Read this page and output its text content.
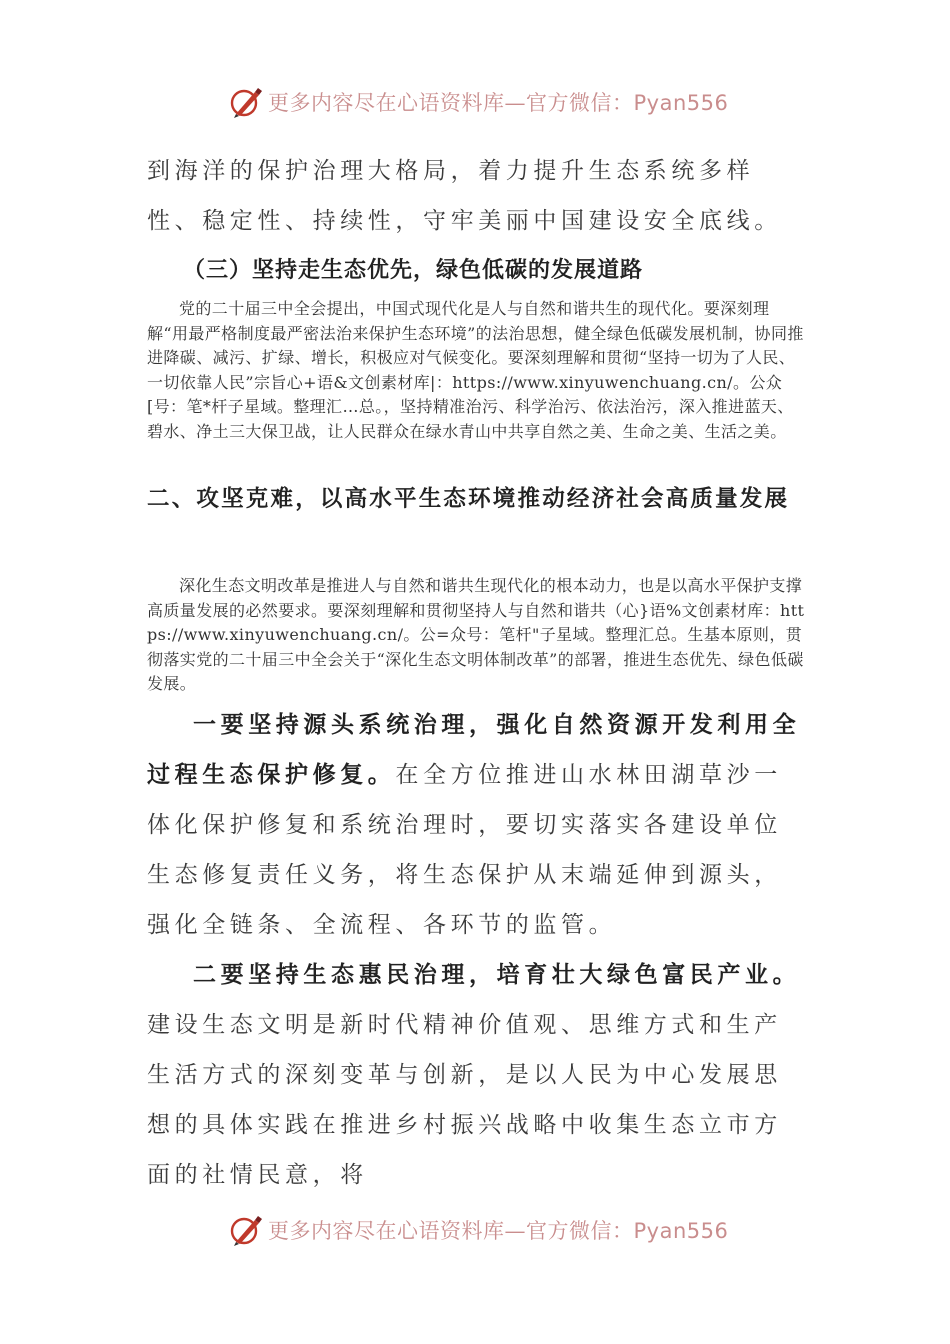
更多内容尽在心语资料库—官方微信：Pyan556

到海洋的保护治理大格局，着力提升生态系统多样性、稳定性、持续性，守牢美丽中国建设安全底线。

（三）坚持走生态优先，绿色低碳的发展道路

党的二十届三中全会提出，中国式现代化是人与自然和谐共生的现代化。要深刻理解“用最严格制度最严密法治来保护生态环境”的法治思想，健全绿色低碳发展机制，协同推进降碳、减污、扩绿、增长，积极应对气候变化。要深刻理解和贯彻“坚持一切为了人民、一切依靠人民”宗旨心+语&文创素材库|：https://www.xinyuwenchuang.cn/。公众[号：笔*杆子星域。整理汇…总。，坚持精准治污、科学治污、依法治污，深入推进蓝天、碧水、净土三大保卫战，让人民群众在绿水青山中共享自然之美、生命之美、生活之美。

二、攻坚克难，以高水平生态环境推动经济社会高质量发展

深化生态文明改革是推进人与自然和谐共生现代化的根本动力，也是以高水平保护支撑高质量发展的必然要求。要深刻理解和贯彻坚持人与自然和谐共（心}语%文创素材库：https://www.xinyuwenchuang.cn/。公=众号：笔杆"子星域。整理汇总。生基本原则，贯彻落实党的二十届三中全会关于“深化生态文明体制改革”的部署，推进生态优先、绿色低碳发展。

一要坚持源头系统治理，强化自然资源开发利用全过程生态保护修复。在全方位推进山水林田湖草沙一体化保护修复和系统治理时，要切实落实各建设单位生态修复责任义务，将生态保护从末端延伸到源头，强化全链条、全流程、各环节的监管。

二要坚持生态惠民治理，培育壮大绿色富民产业。建设生态文明是新时代精神价值观、思维方式和生产生活方式的深刻变革与创新，是以人民为中心发展思想的具体实践在推进乡村振兴战略中收集生态立市方面的社情民意，将

更多内容尽在心语资料库—官方微信：Pyan556
